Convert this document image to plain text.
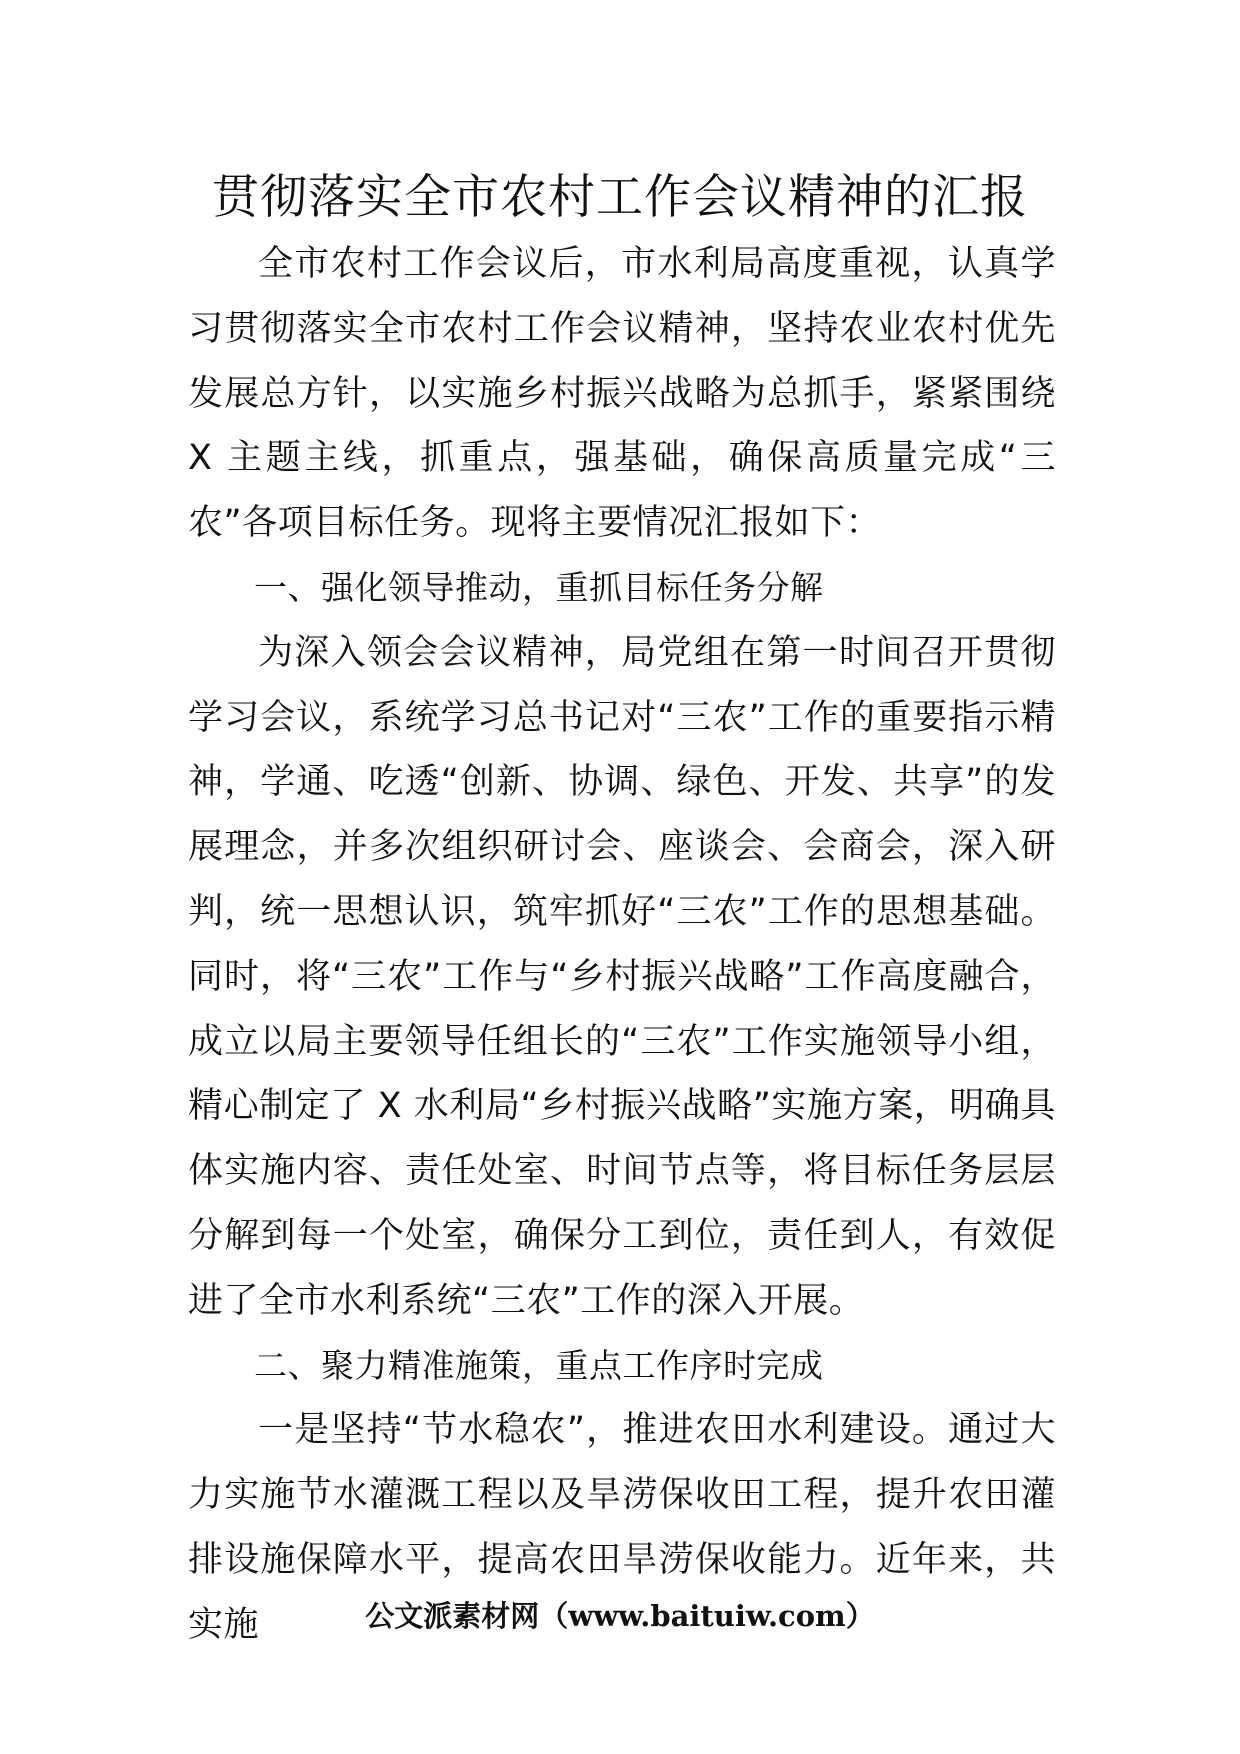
贯彻落实全市农村工作会议精神的汇报

全市农村工作会议后，市水利局高度重视，认真学习贯彻落实全市农村工作会议精神，坚持农业农村优先发展总方针，以实施乡村振兴战略为总抓手，紧紧围绕 X 主题主线，抓重点，强基础，确保高质量完成“三农”各项目标任务。现将主要情况汇报如下：

一、强化领导推动，重抓目标任务分解

为深入领会会议精神，局党组在第一时间召开贯彻学习会议，系统学习总书记对“三农”工作的重要指示精神，学通、吃透“创新、协调、绿色、开发、共享”的发展理念，并多次组织研讨会、座谈会、会商会，深入研判，统一思想认识，筑牢抓好“三农”工作的思想基础。同时，将“三农”工作与“乡村振兴战略”工作高度融合，成立以局主要领导任组长的“三农”工作实施领导小组，精心制定了 X 水利局“乡村振兴战略”实施方案，明确具体实施内容、责任处室、时间节点等，将目标任务层层分解到每一个处室，确保分工到位，责任到人，有效促进了全市水利系统“三农”工作的深入开展。

二、聚力精准施策，重点工作序时完成

一是坚持“节水稳农”，推进农田水利建设。通过大力实施节水灌溉工程以及旱涝保收田工程，提升农田灌排设施保障水平，提高农田旱涝保收能力。近年来，共实施	公文派素材网（www.baituiw.com）
